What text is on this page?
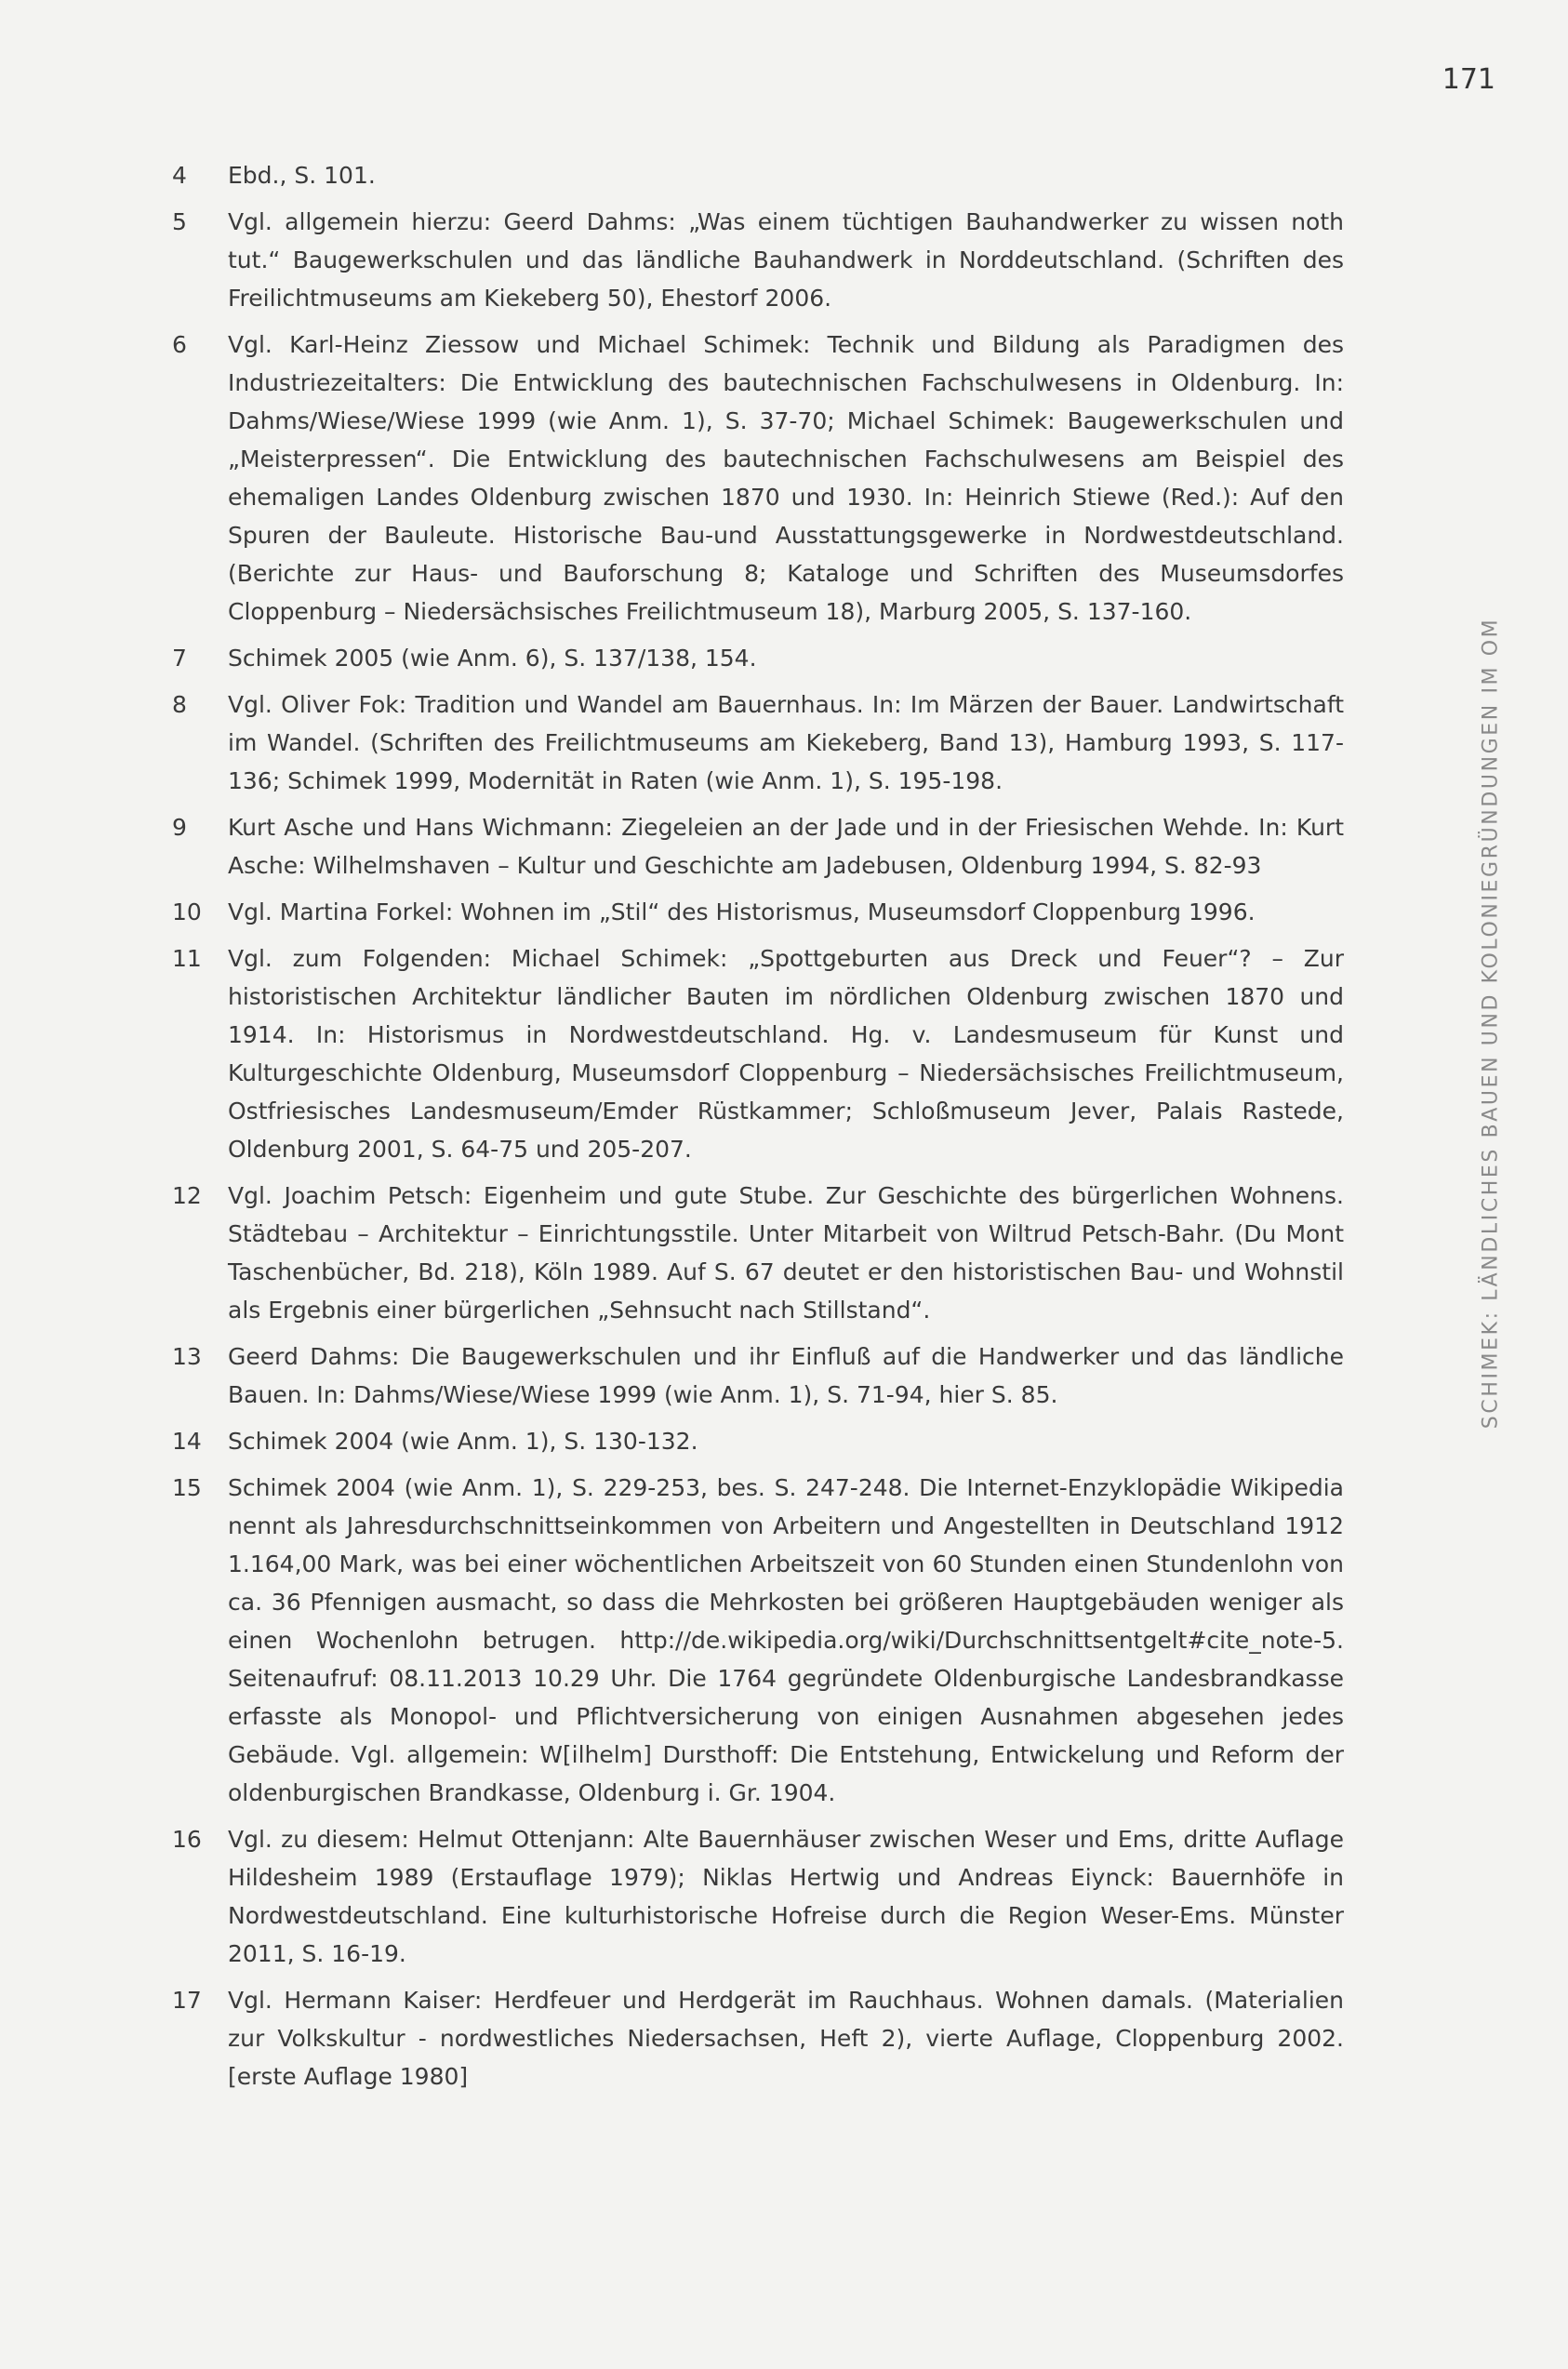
171
SCHIMEK: LÄNDLICHES BAUEN UND KOLONIEGRÜNDUNGEN IM OM
4	Ebd., S. 101.
5	Vgl. allgemein hierzu: Geerd Dahms: „Was einem tüchtigen Bauhandwerker zu wissen noth tut.“ Baugewerkschulen und das ländliche Bauhandwerk in Norddeutschland. (Schriften des Freilichtmuseums am Kiekeberg 50), Ehestorf 2006.
6	Vgl. Karl-Heinz Ziessow und Michael Schimek: Technik und Bildung als Paradigmen des Industriezeitalters: Die Entwicklung des bautechnischen Fachschulwesens in Oldenburg. In: Dahms/Wiese/Wiese 1999 (wie Anm. 1), S. 37-70; Michael Schimek: Baugewerkschulen und „Meisterpressen“. Die Entwicklung des bautechnischen Fachschulwesens am Beispiel des ehemaligen Landes Oldenburg zwischen 1870 und 1930. In: Heinrich Stiewe (Red.): Auf den Spuren der Bauleute. Historische Bau-und Ausstattungsgewerke in Nordwestdeutschland. (Berichte zur Haus- und Bauforschung 8; Kataloge und Schriften des Museumsdorfes Cloppenburg – Niedersächsisches Freilichtmuseum 18), Marburg 2005, S. 137-160.
7	Schimek 2005 (wie Anm. 6), S. 137/138, 154.
8	Vgl. Oliver Fok: Tradition und Wandel am Bauernhaus. In: Im Märzen der Bauer. Landwirtschaft im Wandel. (Schriften des Freilichtmuseums am Kiekeberg, Band 13), Hamburg 1993, S. 117-136; Schimek 1999, Modernität in Raten (wie Anm. 1), S. 195-198.
9	Kurt Asche und Hans Wichmann: Ziegeleien an der Jade und in der Friesischen Wehde. In: Kurt Asche: Wilhelmshaven – Kultur und Geschichte am Jadebusen, Oldenburg 1994, S. 82-93
10	Vgl. Martina Forkel: Wohnen im „Stil“ des Historismus, Museumsdorf Cloppenburg 1996.
11	Vgl. zum Folgenden: Michael Schimek: „Spottgeburten aus Dreck und Feuer“? – Zur historistischen Architektur ländlicher Bauten im nördlichen Oldenburg zwischen 1870 und 1914. In: Historismus in Nordwestdeutschland. Hg. v. Landesmuseum für Kunst und Kulturgeschichte Oldenburg, Museumsdorf Cloppenburg – Niedersächsisches Freilichtmuseum, Ostfriesisches Landesmuseum/Emder Rüstkammer; Schloßmuseum Jever, Palais Rastede, Oldenburg 2001, S. 64-75 und 205-207.
12	Vgl. Joachim Petsch: Eigenheim und gute Stube. Zur Geschichte des bürgerlichen Wohnens. Städtebau – Architektur – Einrichtungsstile. Unter Mitarbeit von Wiltrud Petsch-Bahr. (Du Mont Taschenbücher, Bd. 218), Köln 1989. Auf S. 67 deutet er den historistischen Bau- und Wohnstil als Ergebnis einer bürgerlichen „Sehnsucht nach Stillstand“.
13	Geerd Dahms: Die Baugewerkschulen und ihr Einfluß auf die Handwerker und das ländliche Bauen. In: Dahms/Wiese/Wiese 1999 (wie Anm. 1), S. 71-94, hier S. 85.
14	Schimek 2004 (wie Anm. 1), S. 130-132.
15	Schimek 2004 (wie Anm. 1), S. 229-253, bes. S. 247-248. Die Internet-Enzyklopädie Wikipedia nennt als Jahresdurchschnittseinkommen von Arbeitern und Angestellten in Deutschland 1912 1.164,00 Mark, was bei einer wöchentlichen Arbeitszeit von 60 Stunden einen Stundenlohn von ca. 36 Pfennigen ausmacht, so dass die Mehrkosten bei größeren Hauptgebäuden weniger als einen Wochenlohn betrugen. http://de.wikipedia.org/wiki/Durchschnittsentgelt#cite_note-5. Seitenaufruf: 08.11.2013 10.29 Uhr. Die 1764 gegründete Oldenburgische Landesbrandkasse erfasste als Monopol- und Pflichtversicherung von einigen Ausnahmen abgesehen jedes Gebäude. Vgl. allgemein: W[ilhelm] Dursthoff: Die Entstehung, Entwickelung und Reform der oldenburgischen Brandkasse, Oldenburg i. Gr. 1904.
16	Vgl. zu diesem: Helmut Ottenjann: Alte Bauernhäuser zwischen Weser und Ems, dritte Auflage Hildesheim 1989 (Erstauflage 1979); Niklas Hertwig und Andreas Eiynck: Bauernhöfe in Nordwestdeutschland. Eine kulturhistorische Hofreise durch die Region Weser-Ems. Münster 2011, S. 16-19.
17	Vgl. Hermann Kaiser: Herdfeuer und Herdgerät im Rauchhaus. Wohnen damals. (Materialien zur Volkskultur - nordwestliches Niedersachsen, Heft 2), vierte Auflage, Cloppenburg 2002. [erste Auflage 1980]
